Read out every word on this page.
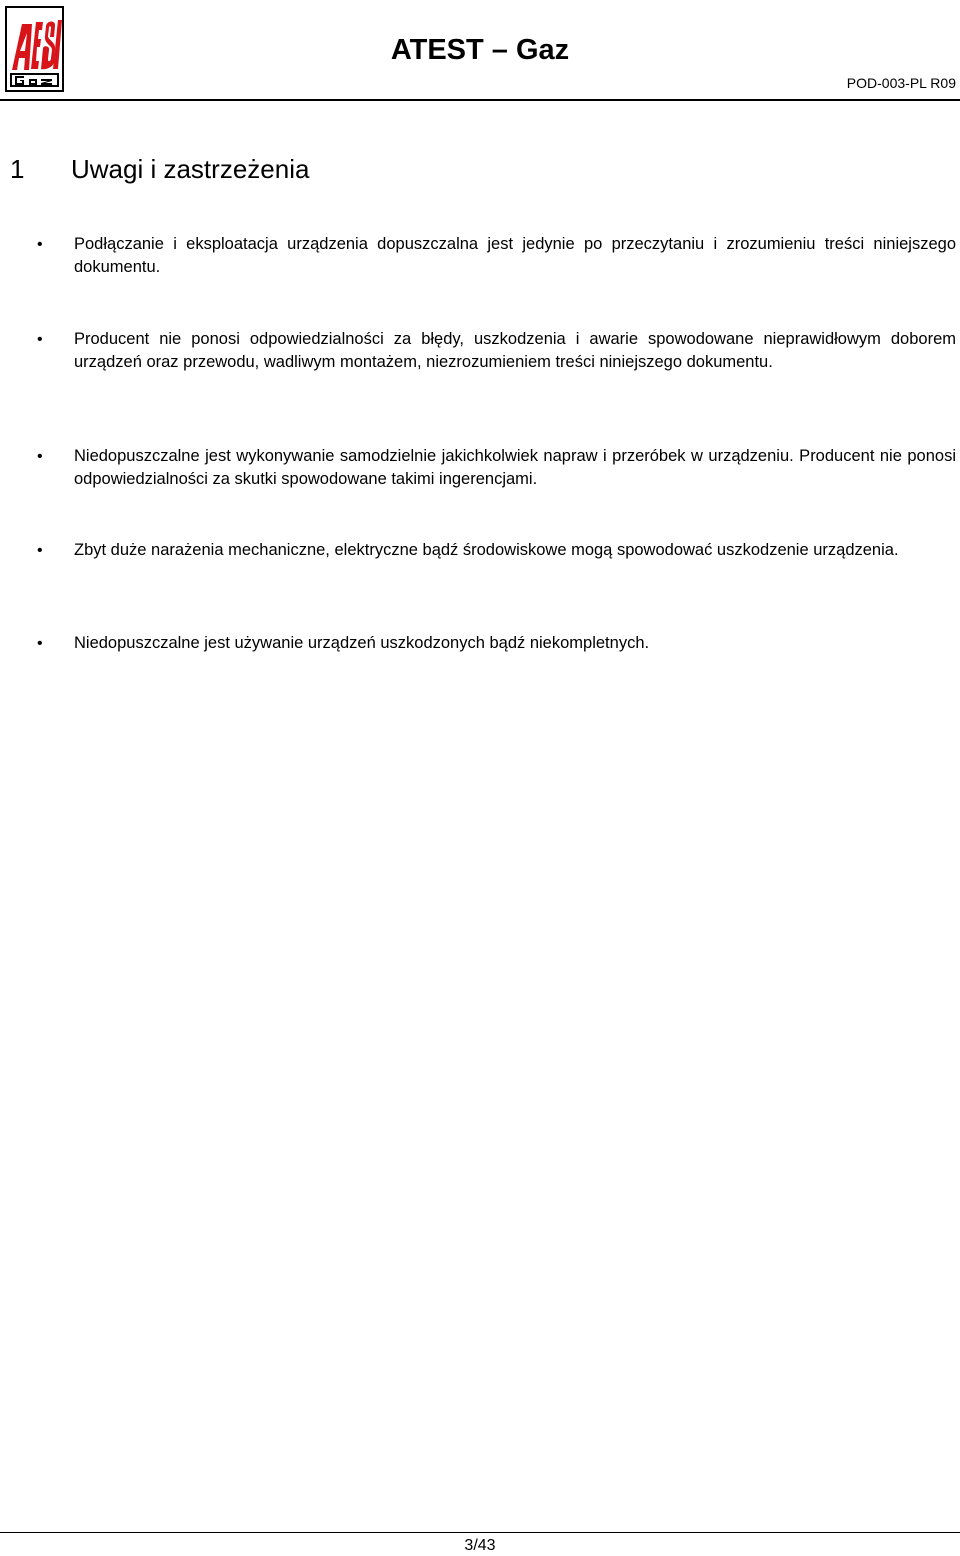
ATEST – Gaz
POD-003-PL R09
1	Uwagi i zastrzeżenia
• Podłączanie i eksploatacja urządzenia dopuszczalna jest jedynie po przeczytaniu i zrozumieniu treści niniejszego dokumentu.
• Producent nie ponosi odpowiedzialności za błędy, uszkodzenia i awarie spowodowane nieprawidłowym doborem urządzeń oraz przewodu, wadliwym montażem, niezrozumieniem treści niniejszego dokumentu.
• Niedopuszczalne jest wykonywanie samodzielnie jakichkolwiek napraw i przeróbek w urządzeniu. Producent nie ponosi odpowiedzialności za skutki spowodowane takimi ingerencjami.
• Zbyt duże narażenia mechaniczne, elektryczne bądź środowiskowe mogą spowodować uszkodzenie urządzenia.
• Niedopuszczalne jest używanie urządzeń uszkodzonych bądź niekompletnych.
3/43
